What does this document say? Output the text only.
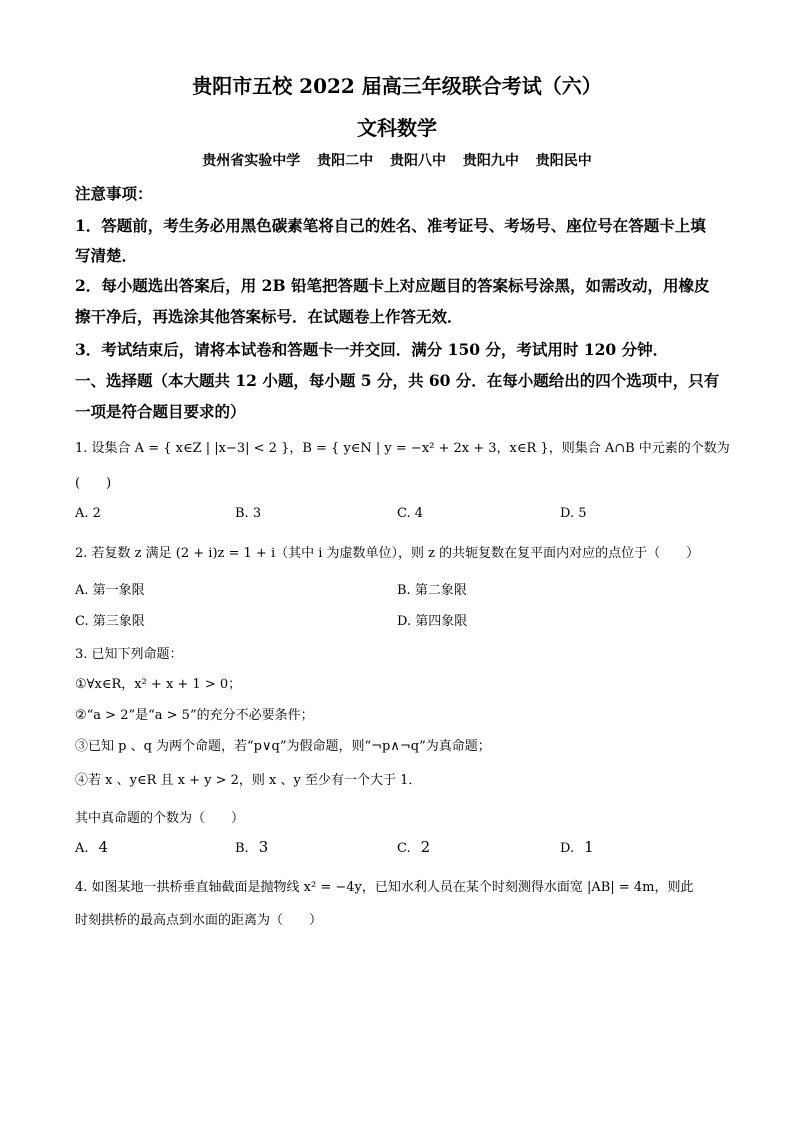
贵阳市五校 2022 届高三年级联合考试（六）
文科数学
贵州省实验中学 贵阳二中 贵阳八中 贵阳九中 贵阳民中
注意事项：
1．答题前，考生务必用黑色碳素笔将自己的姓名、准考证号、考场号、座位号在答题卡上填
写清楚．
2．每小题选出答案后，用 2B 铅笔把答题卡上对应题目的答案标号涂黑，如需改动，用橡皮
擦干净后，再选涂其他答案标号．在试题卷上作答无效．
3．考试结束后，请将本试卷和答题卡一并交回．满分 150 分，考试用时 120 分钟．
一、选择题（本大题共 12 小题，每小题 5 分，共 60 分．在每小题给出的四个选项中，只有
一项是符合题目要求的）
1. 设集合 A = { x∈Z | |x−3| < 2 }，B = { y∈N | y = −x² + 2x + 3，x∈R }，则集合 A∩B 中元素的个数为
(　　)
A. 2	B. 3	C. 4	D. 5
2. 若复数 z 满足 (2 + i)z = 1 + i（其中 i 为虚数单位），则 z 的共轭复数在复平面内对应的点位于（　　）
A. 第一象限	B. 第二象限
C. 第三象限	D. 第四象限
3. 已知下列命题：
①∀x∈R，x² + x + 1 > 0；
②“a > 2”是“a > 5”的充分不必要条件；
③已知 p 、q 为两个命题，若“p∨q”为假命题，则“¬p∧¬q”为真命题；
④若 x 、y∈R 且 x + y > 2，则 x 、y 至少有一个大于 1．
其中真命题的个数为（　　）
A. 4	B. 3	C. 2	D. 1
4. 如图某地一拱桥垂直轴截面是抛物线 x² = −4y，已知水利人员在某个时刻测得水面宽 |AB| = 4m，则此
时刻拱桥的最高点到水面的距离为（　　）
